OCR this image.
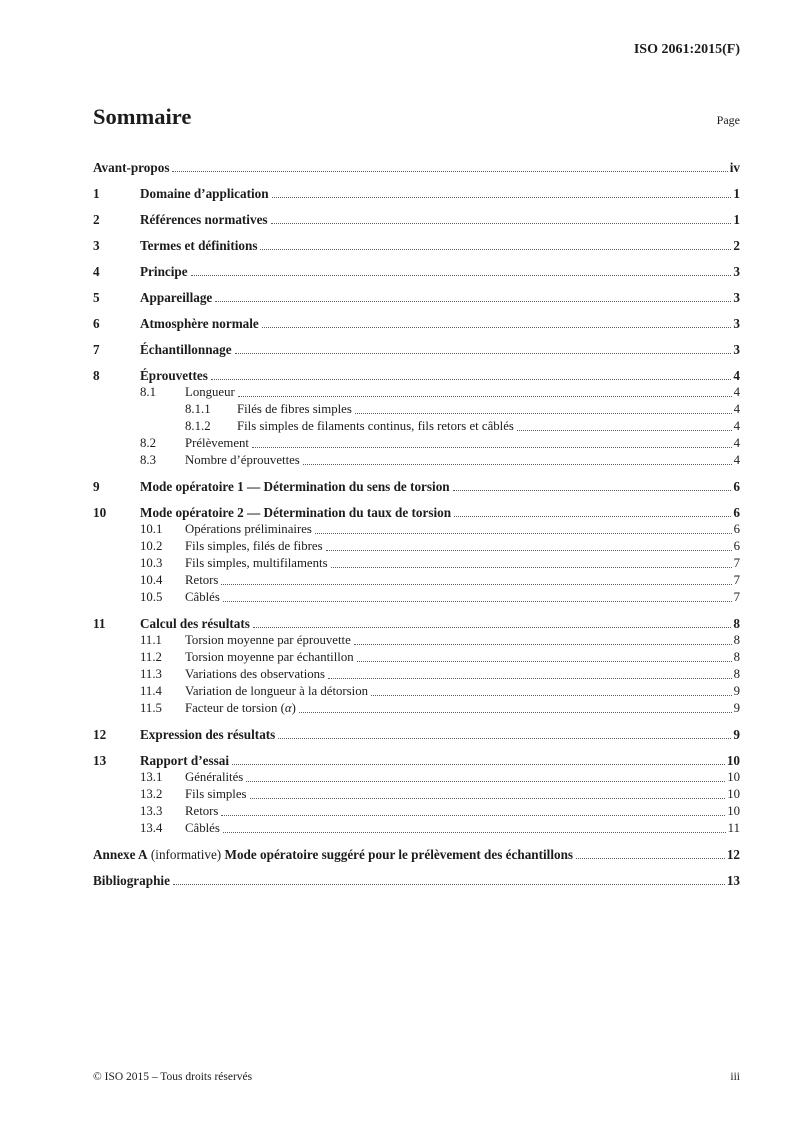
ISO 2061:2015(F)
Sommaire	Page
Avant-propos	iv
1	Domaine d’application	1
2	Références normatives	1
3	Termes et définitions	2
4	Principe	3
5	Appareillage	3
6	Atmosphère normale	3
7	Échantillonnage	3
8	Éprouvettes	4
8.1	Longueur	4
8.1.1	Filés de fibres simples	4
8.1.2	Fils simples de filaments continus, fils retors et câblés	4
8.2	Prélèvement	4
8.3	Nombre d’éprouvettes	4
9	Mode opératoire 1 — Détermination du sens de torsion	6
10	Mode opératoire 2 — Détermination du taux de torsion	6
10.1	Opérations préliminaires	6
10.2	Fils simples, filés de fibres	6
10.3	Fils simples, multifilaments	7
10.4	Retors	7
10.5	Câblés	7
11	Calcul des résultats	8
11.1	Torsion moyenne par éprouvette	8
11.2	Torsion moyenne par échantillon	8
11.3	Variations des observations	8
11.4	Variation de longueur à la détorsion	9
11.5	Facteur de torsion (α)	9
12	Expression des résultats	9
13	Rapport d’essai	10
13.1	Généralités	10
13.2	Fils simples	10
13.3	Retors	10
13.4	Câblés	11
Annexe A (informative) Mode opératoire suggéré pour le prélèvement des échantillons	12
Bibliographie	13
© ISO 2015 – Tous droits réservés	iii
